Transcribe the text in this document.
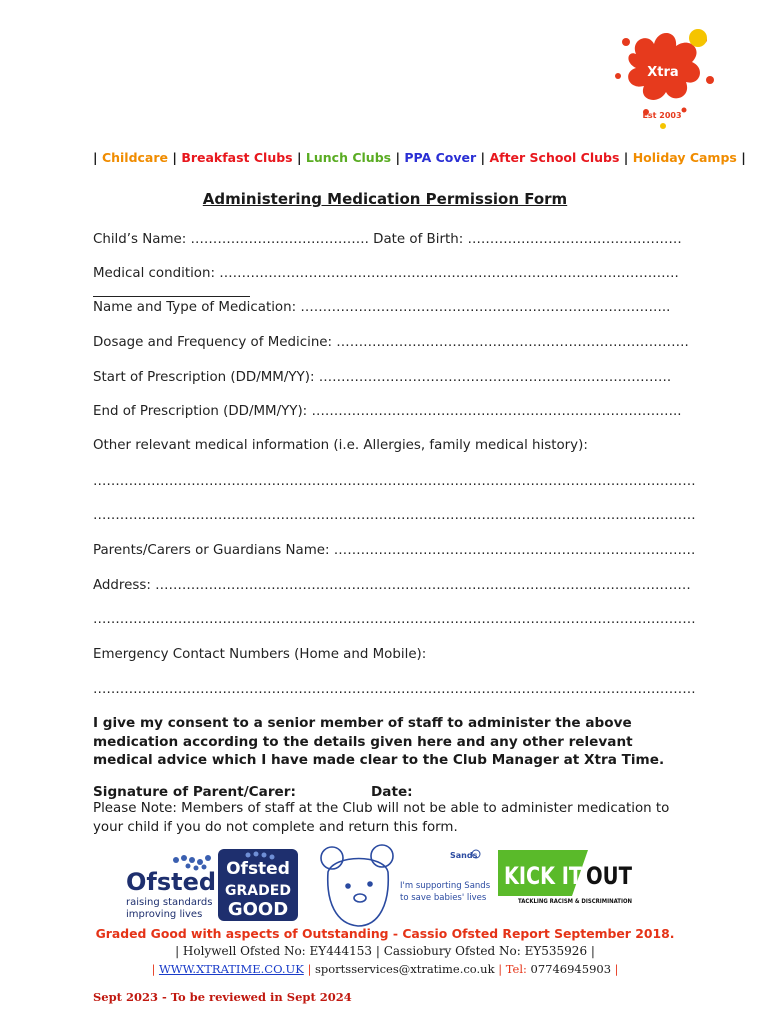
Xtra
Est 2003
| Childcare | Breakfast Clubs | Lunch Clubs | PPA Cover | After School Clubs | Holiday Camps |
Administering Medication Permission Form
Child’s Name: …………………………………. Date of Birth: …………………………………………
Medical condition: ………………………………………………………………………………………….
Name and Type of Medication: ………………………………………………………………………..
Dosage and Frequency of Medicine: …………………………………………………………………….
Start of Prescription (DD/MM/YY): …………………………………………………………………….
End of Prescription (DD/MM/YY): ………………………………………………………………………..
Other relevant medical information (i.e. Allergies, family medical history):
………………………………………………………………………………………………………………………
………………………………………………………………………………………………………………………
Parents/Carers or Guardians Name: ………………………………………………………………………
Address: …………………………………………………………………………………………………………
………………………………………………………………………………………………………………………
Emergency Contact Numbers (Home and Mobile):
………………………………………………………………………………………………………………………
I give my consent to a senior member of staff to administer the above medication according to the details given here and any other relevant medical advice which I have made clear to the Club Manager at Xtra Time.
Signature of Parent/Carer:	Date:
Please Note: Members of staff at the Club will not be able to administer medication to your child if you do not complete and return this form.
Ofsted
raising standards
improving lives
Ofsted
GRADED
GOOD
Sands
I'm supporting Sands
to save babies' lives
KICK IT OUT
TACKLING RACISM & DISCRIMINATION
Graded Good with aspects of Outstanding - Cassio Ofsted Report September 2018.
| Holywell Ofsted No: EY444153 | Cassiobury Ofsted No: EY535926 |
| WWW.XTRATIME.CO.UK | sportsservices@xtratime.co.uk | Tel: 07746945903 |
Sept 2023 - To be reviewed in Sept 2024
